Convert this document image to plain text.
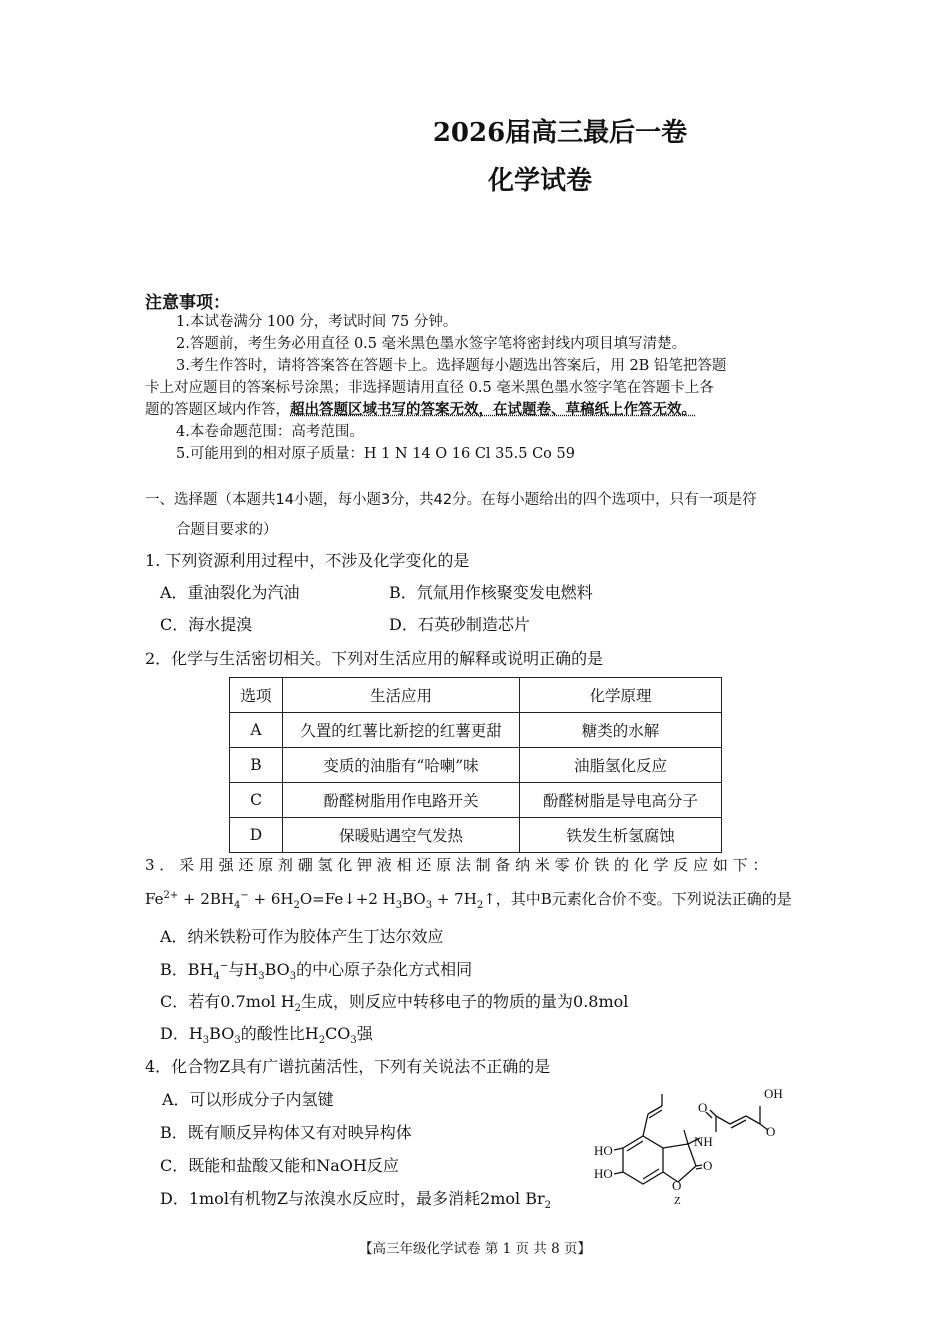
2026届高三最后一卷
化学试卷
注意事项：
1.本试卷满分 100 分，考试时间 75 分钟。
2.答题前，考生务必用直径 0.5 毫米黑色墨水签字笔将密封线内项目填写清楚。
3.考生作答时，请将答案答在答题卡上。选择题每小题选出答案后，用 2B 铅笔把答题
卡上对应题目的答案标号涂黑；非选择题请用直径 0.5 毫米黑色墨水签字笔在答题卡上各
题的答题区域内作答，超出答题区域书写的答案无效，在试题卷、草稿纸上作答无效。
4.本卷命题范围：高考范围。
5.可能用到的相对原子质量：H 1 N 14 O 16 Cl 35.5 Co 59
一、选择题（本题共14小题，每小题3分，共42分。在每小题给出的四个选项中，只有一项是符
合题目要求的）
1. 下列资源利用过程中，不涉及化学变化的是
A．重油裂化为汽油	B．氘氚用作核聚变发电燃料
C．海水提溴	D．石英砂制造芯片
2．化学与生活密切相关。下列对生活应用的解释或说明正确的是
选项	生活应用	化学原理
A	久置的红薯比新挖的红薯更甜	糖类的水解
B	变质的油脂有“哈喇”味	油脂氢化反应
C	酚醛树脂用作电路开关	酚醛树脂是导电高分子
D	保暖贴遇空气发热	铁发生析氢腐蚀
3 ． 采 用 强 还 原 剂 硼 氢 化 钾 液 相 还 原 法 制 备 纳 米 零 价 铁 的 化 学 反 应 如 下 ：
$Fe^{2+} + 2BH_4^-$ + $6H_2O=Fe↓+2$ $H_3BO_3$ + $7H_2↑$，其中B元素化合价不变。下列说法正确的是
A．纳米铁粉可作为胶体产生丁达尔效应
B．$BH_4^-$与$H_3BO_3$的中心原子杂化方式相同
C．若有0.7mol $H_2$生成，则反应中转移电子的物质的量为0.8mol
D．$H_3BO_3$的酸性比$H_2CO_3$强
4．化合物Z具有广谱抗菌活性，下列有关说法不正确的是
A．可以形成分子内氢键
B．既有顺反异构体又有对映异构体
C．既能和盐酸又能和NaOH反应
D．1mol有机物Z与浓溴水反应时，最多消耗2mol $Br_2$
OH
O
O
NH
HO
HO
O
O
Z
【高三年级化学试卷 第 1 页 共 8 页】
